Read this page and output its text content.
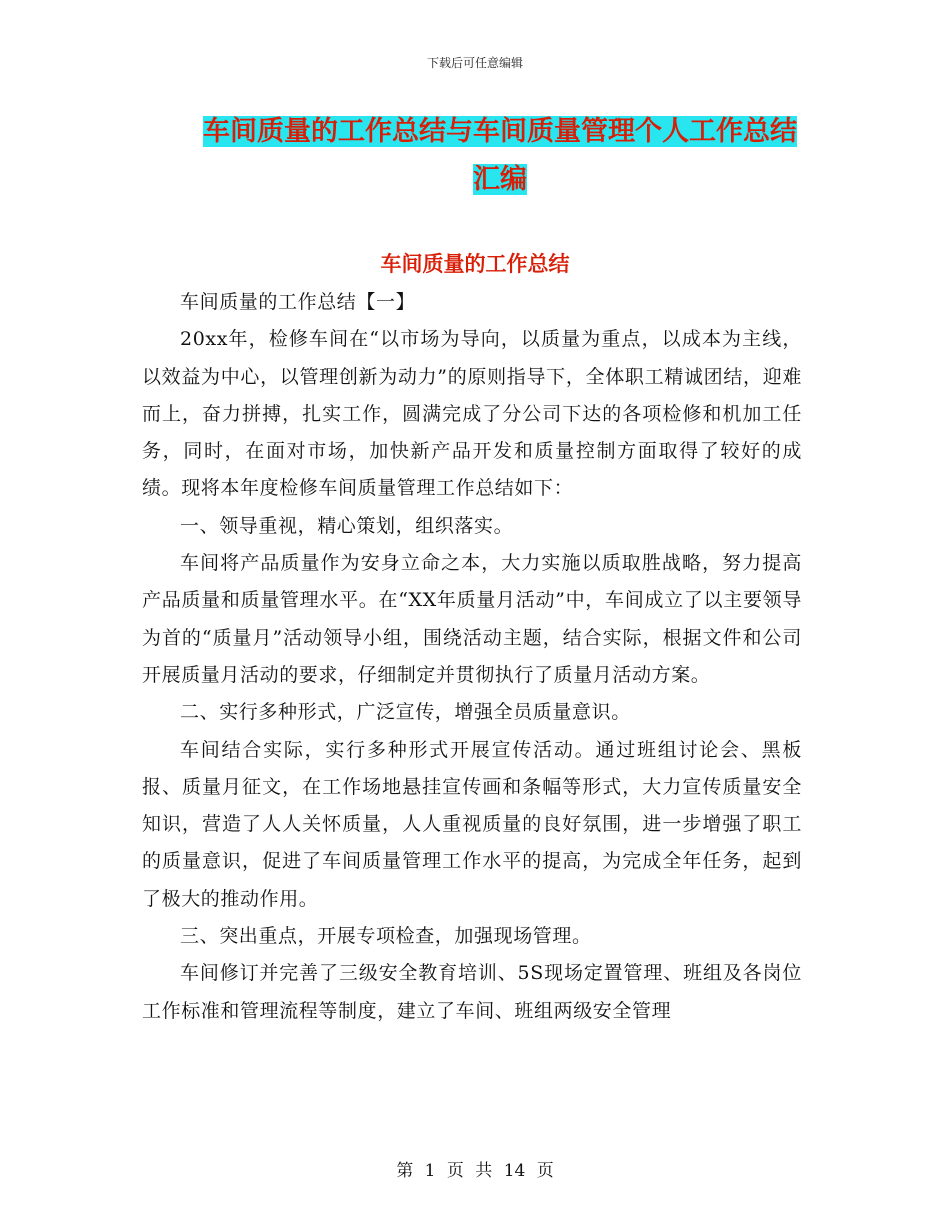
下载后可任意编辑
车间质量的工作总结与车间质量管理个人工作总结汇编
车间质量的工作总结

车间质量的工作总结【一】

20xx年，检修车间在“以市场为导向，以质量为重点，以成本为主线，以效益为中心，以管理创新为动力”的原则指导下，全体职工精诚团结，迎难而上，奋力拼搏，扎实工作，圆满完成了分公司下达的各项检修和机加工任务，同时，在面对市场，加快新产品开发和质量控制方面取得了较好的成绩。现将本年度检修车间质量管理工作总结如下：

一、领导重视，精心策划，组织落实。

车间将产品质量作为安身立命之本，大力实施以质取胜战略，努力提高产品质量和质量管理水平。在“XX年质量月活动”中，车间成立了以主要领导为首的“质量月”活动领导小组，围绕活动主题，结合实际，根据文件和公司开展质量月活动的要求，仔细制定并贯彻执行了质量月活动方案。

二、实行多种形式，广泛宣传，增强全员质量意识。

车间结合实际，实行多种形式开展宣传活动。通过班组讨论会、黑板报、质量月征文，在工作场地悬挂宣传画和条幅等形式，大力宣传质量安全知识，营造了人人关怀质量，人人重视质量的良好氛围，进一步增强了职工的质量意识，促进了车间质量管理工作水平的提高，为完成全年任务，起到了极大的推动作用。

三、突出重点，开展专项检查，加强现场管理。

车间修订并完善了三级安全教育培训、5S现场定置管理、班组及各岗位工作标准和管理流程等制度，建立了车间、班组两级安全管理

第 1 页 共 14 页
